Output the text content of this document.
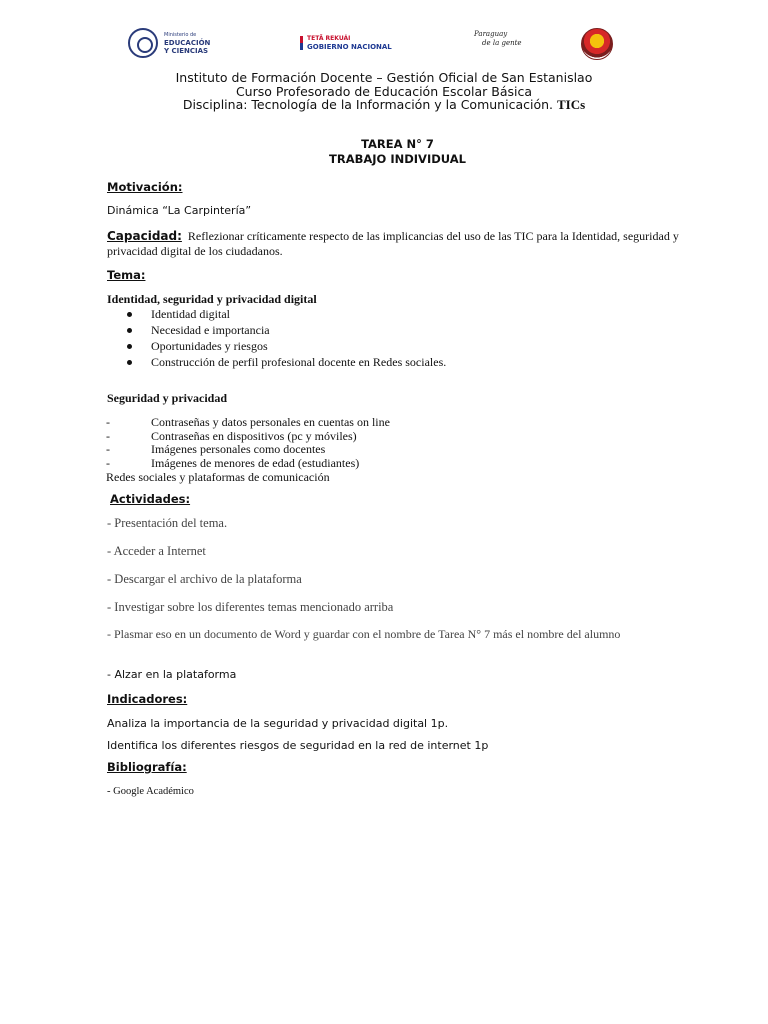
Ministerio de
EDUCACIÓN
Y CIENCIAS
TETÃ REKUÁI
GOBIERNO NACIONAL
Paraguay
de la gente
Instituto de Formación Docente – Gestión Oficial de San Estanislao
Curso Profesorado de Educación Escolar Básica
Disciplina: Tecnología de la Información y la Comunicación. TICs
TAREA N° 7
TRABAJO INDIVIDUAL
Motivación:
Dinámica “La Carpintería”
Capacidad: Reflezionar críticamente respecto de las implicancias del uso de las TIC para la Identidad, seguridad y privacidad digital de los ciudadanos.
Tema:
Identidad, seguridad y privacidad digital
Identidad digital
Necesidad e importancia
Oportunidades y riesgos
Construcción de perfil profesional docente en Redes sociales.
Seguridad y privacidad
-	Contraseñas y datos personales en cuentas on line
-	Contraseñas en dispositivos (pc y móviles)
-	Imágenes personales como docentes
-	Imágenes de menores de edad (estudiantes)
Redes sociales y plataformas de comunicación
Actividades:
- Presentación del tema.
- Acceder a Internet
- Descargar el archivo de la plataforma
- Investigar sobre los diferentes temas mencionado arriba
- Plasmar eso en un documento de Word y guardar con el nombre de Tarea N° 7 más el nombre del alumno
- Alzar en la plataforma
Indicadores:
Analiza la importancia de la seguridad y privacidad digital 1p.
Identifica los diferentes riesgos de seguridad en la red de internet 1p
Bibliografía:
- Google Académico
